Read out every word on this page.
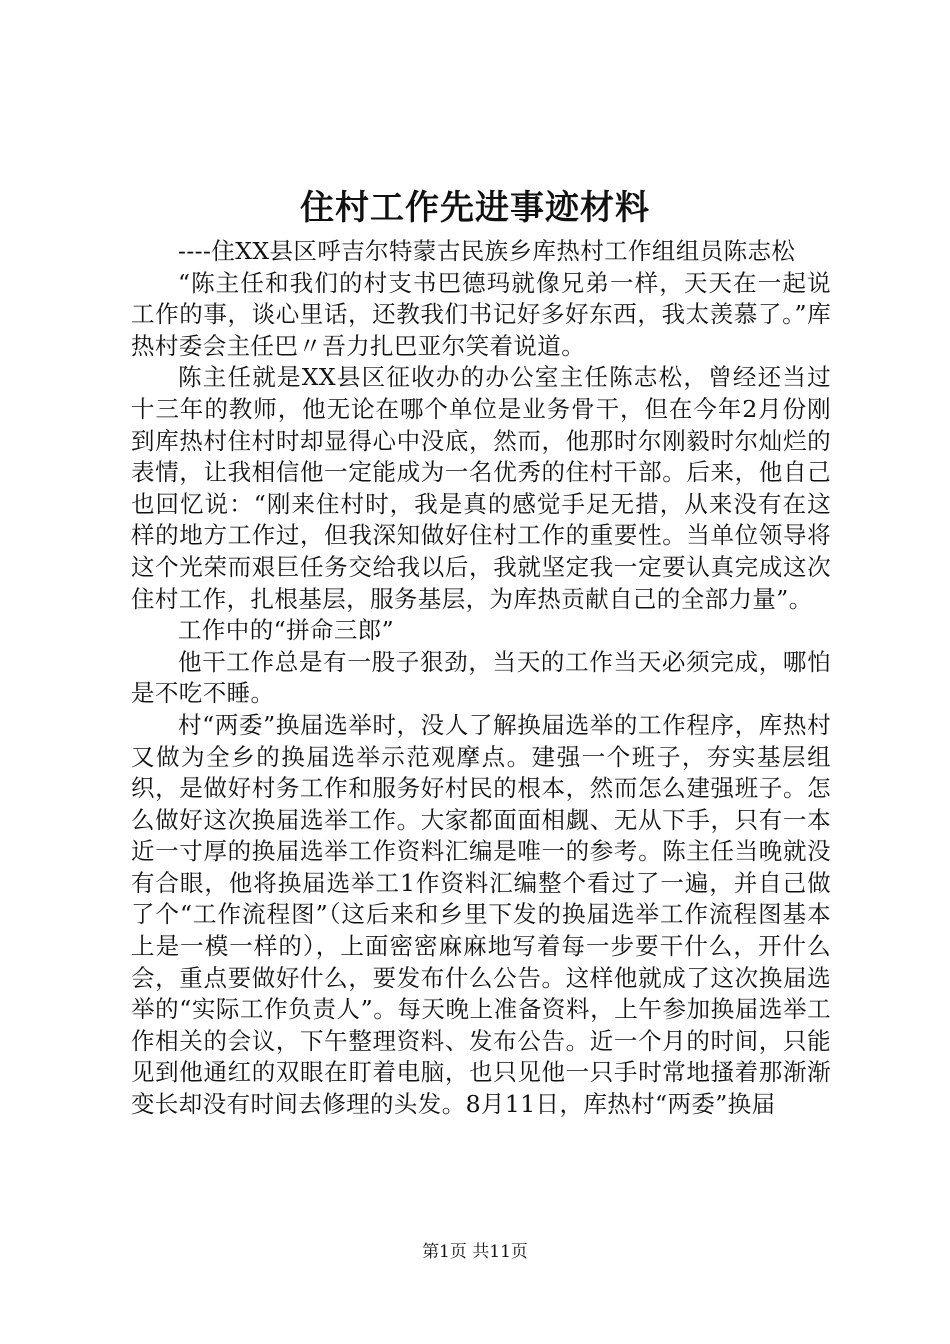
住村工作先进事迹材料

----住XX县区呼吉尔特蒙古民族乡库热村工作组组员陈志松

“陈主任和我们的村支书巴德玛就像兄弟一样，天天在一起说工作的事，谈心里话，还教我们书记好多好东西，我太羡慕了。”库热村委会主任巴〃吾力扎巴亚尔笑着说道。

陈主任就是XX县区征收办的办公室主任陈志松，曾经还当过十三年的教师，他无论在哪个单位是业务骨干，但在今年2月份刚到库热村住村时却显得心中没底，然而，他那时尔刚毅时尔灿烂的表情，让我相信他一定能成为一名优秀的住村干部。后来，他自己也回忆说：“刚来住村时，我是真的感觉手足无措，从来没有在这样的地方工作过，但我深知做好住村工作的重要性。当单位领导将这个光荣而艰巨任务交给我以后，我就坚定我一定要认真完成这次住村工作，扎根基层，服务基层，为库热贡献自己的全部力量”。

工作中的“拼命三郎”

他干工作总是有一股子狠劲，当天的工作当天必须完成，哪怕是不吃不睡。

村“两委”换届选举时，没人了解换届选举的工作程序，库热村又做为全乡的换届选举示范观摩点。建强一个班子，夯实基层组织，是做好村务工作和服务好村民的根本，然而怎么建强班子。怎么做好这次换届选举工作。大家都面面相觑、无从下手，只有一本近一寸厚的换届选举工作资料汇编是唯一的参考。陈主任当晚就没有合眼，他将换届选举工1作资料汇编整个看过了一遍，并自己做了个“工作流程图”（这后来和乡里下发的换届选举工作流程图基本上是一模一样的），上面密密麻麻地写着每一步要干什么，开什么会，重点要做好什么，要发布什么公告。这样他就成了这次换届选举的“实际工作负责人”。每天晚上准备资料，上午参加换届选举工作相关的会议，下午整理资料、发布公告。近一个月的时间，只能见到他通红的双眼在盯着电脑，也只见他一只手时常地搔着那渐渐变长却没有时间去修理的头发。8月11日，库热村“两委”换届

第1页 共11页
